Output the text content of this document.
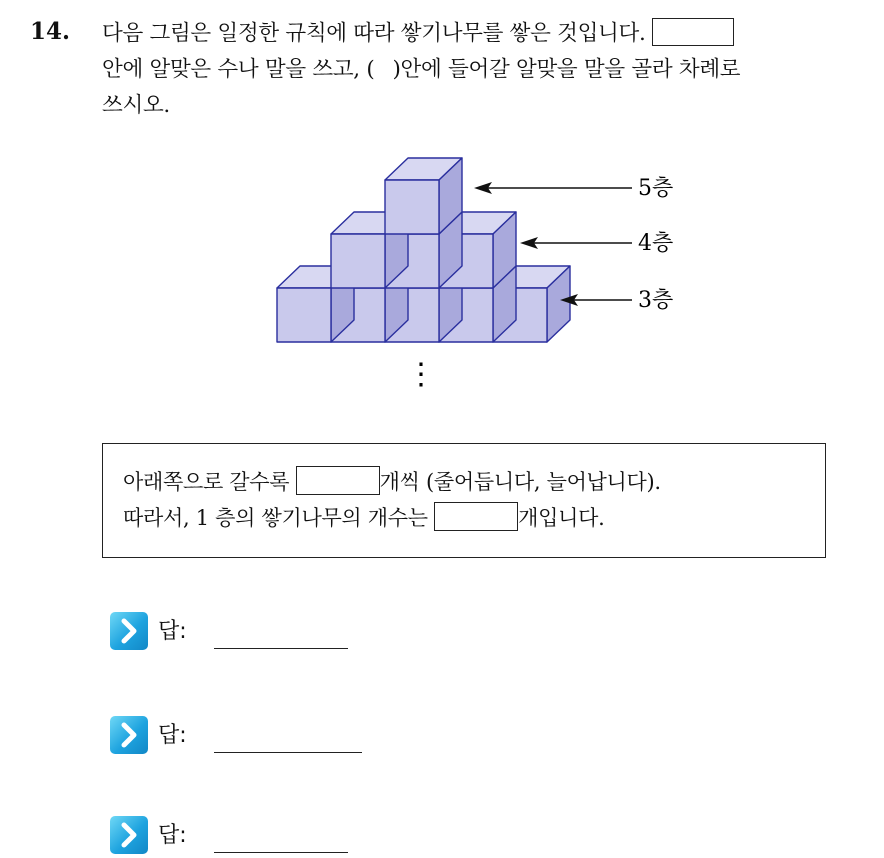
14. 다음 그림은 일정한 규칙에 따라 쌓기나무를 쌓은 것입니다.
안에 알맞은 수나 말을 쓰고, ( )안에 들어갈 알맞을 말을 골라 차례로
쓰시오.
5층
4층
3층
⋮
아래쪽으로 갈수록	개씩 (줄어듭니다, 늘어납니다).
따라서, 1 층의 쌓기나무의 개수는	개입니다.
답:
답:
답:
